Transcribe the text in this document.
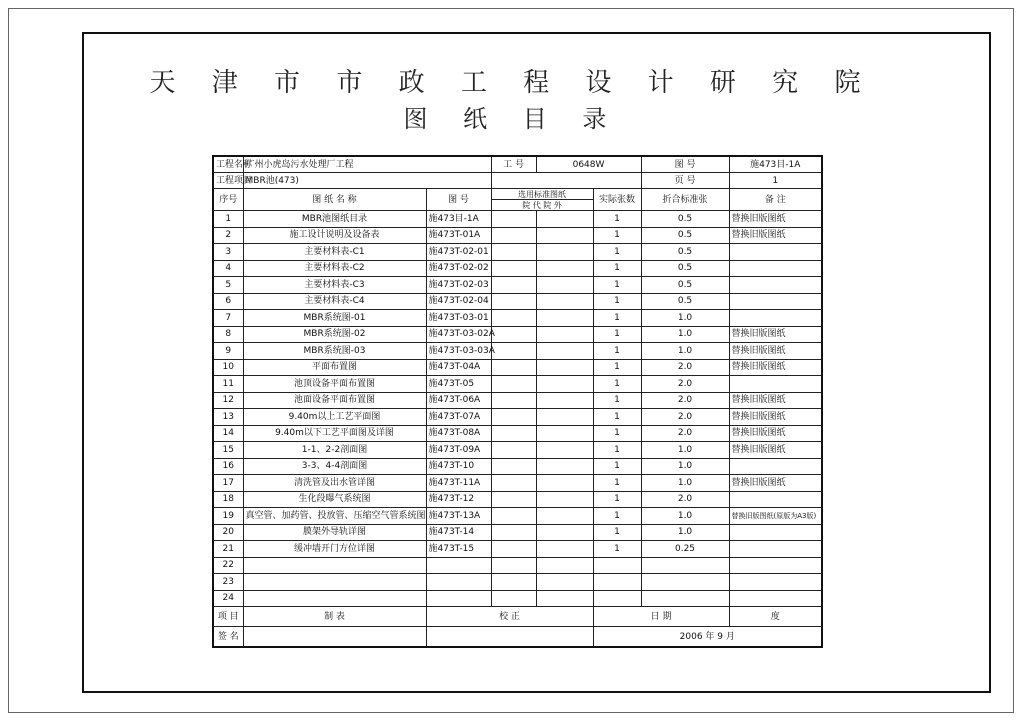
天 津 市 市 政 工 程 设 计 研 究 院
图 纸 目 录
工程名称	广州小虎岛污水处理厂工程		工 号	0648W		图 号	施473目-1A
工程项目	MBR池(473)					页 号	1
序号	图 纸 名 称	图 号	选用标准图纸		实际张数	折合标准张	备 注
			院 代 院 外				
1	MBR池图纸目录	施473目-1A			1	0.5	替换旧版图纸
2	施工设计说明及设备表	施473T-01A			1	0.5	替换旧版图纸
3	主要材料表-C1	施473T-02-01			1	0.5	
4	主要材料表-C2	施473T-02-02			1	0.5	
5	主要材料表-C3	施473T-02-03			1	0.5	
6	主要材料表-C4	施473T-02-04			1	0.5	
7	MBR系统图-01	施473T-03-01			1	1.0	
8	MBR系统图-02	施473T-03-02A			1	1.0	替换旧版图纸
9	MBR系统图-03	施473T-03-03A			1	1.0	替换旧版图纸
10	平面布置图	施473T-04A			1	2.0	替换旧版图纸
11	池顶设备平面布置图	施473T-05			1	2.0	
12	池面设备平面布置图	施473T-06A			1	2.0	替换旧版图纸
13	9.40m以上工艺平面图	施473T-07A			1	2.0	替换旧版图纸
14	9.40m以下工艺平面图及详图	施473T-08A			1	2.0	替换旧版图纸
15	1-1、2-2剖面图	施473T-09A			1	1.0	替换旧版图纸
16	3-3、4-4剖面图	施473T-10			1	1.0	
17	清洗管及出水管详图	施473T-11A			1	1.0	替换旧版图纸
18	生化段曝气系统图	施473T-12			1	2.0	
19	真空管、加药管、投放管、压缩空气管系统图	施473T-13A			1	1.0	替换旧版图纸(原版为A3版)
20	膜架外导轨详图	施473T-14			1	1.0	
21	缓冲墙开门方位详图	施473T-15			1	0.25	
22							
23							
24							
项 目	制 表	校 正			日 期		度
签 名					2006 年 9 月		
